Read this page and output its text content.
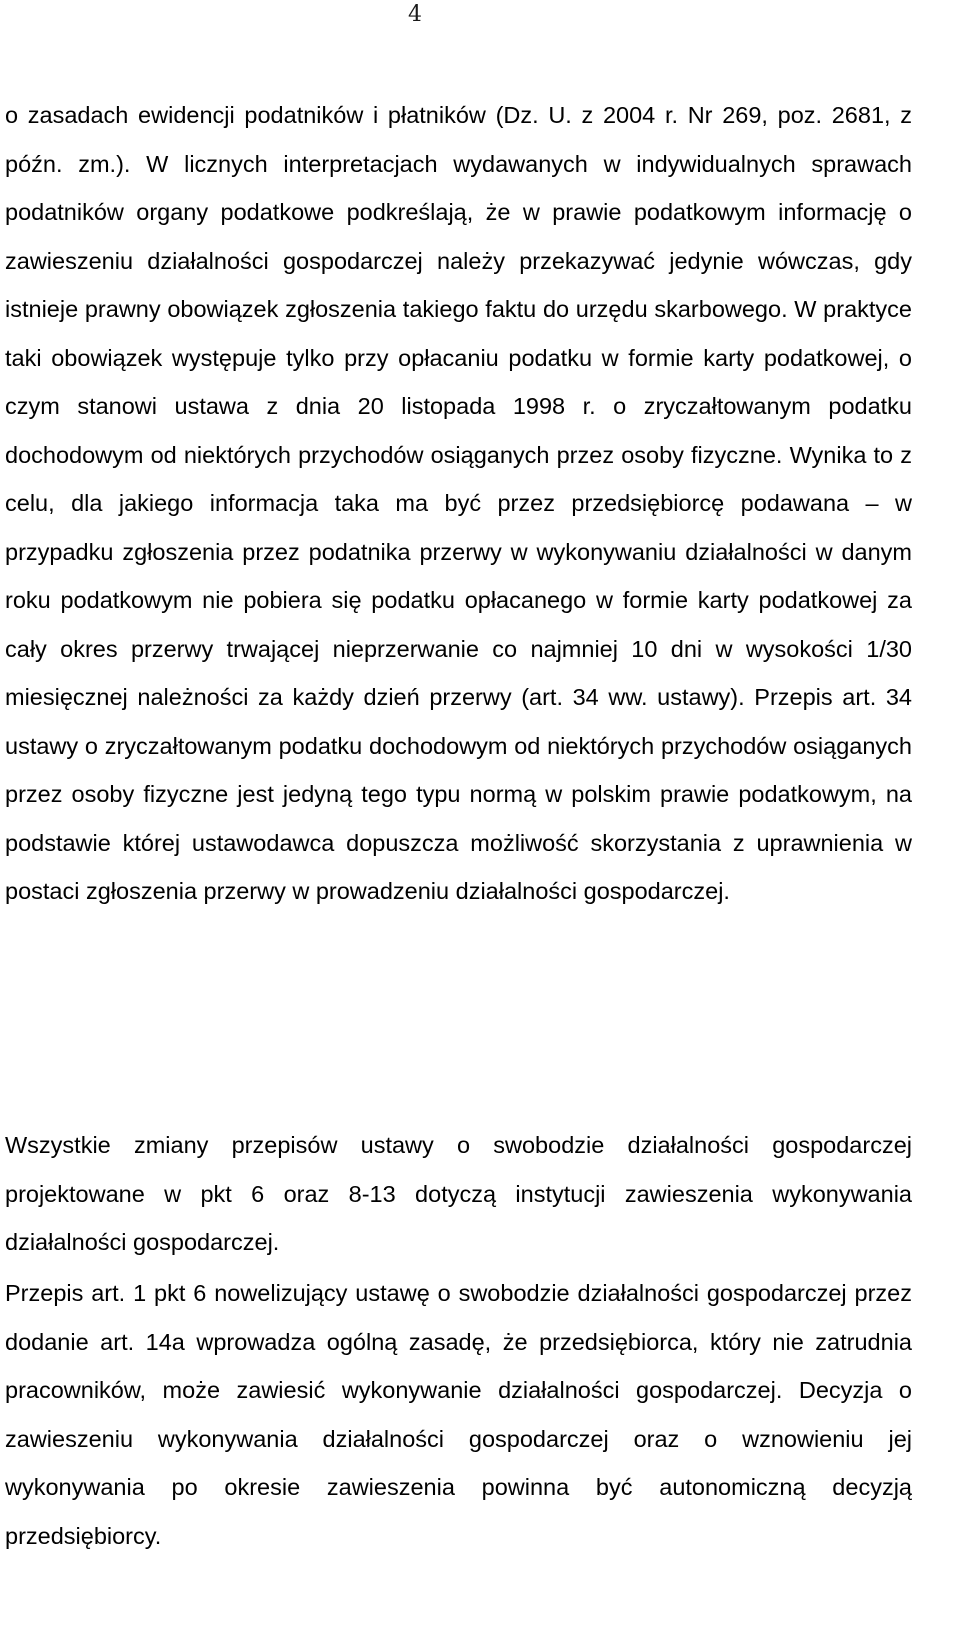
4

o zasadach ewidencji podatników i płatników (Dz. U. z 2004 r. Nr 269, poz. 2681, z późn. zm.). W licznych interpretacjach wydawanych w indywidualnych sprawach podatników organy podatkowe podkreślają, że w prawie podatkowym informację o zawieszeniu działalności gospodarczej należy przekazywać jedynie wówczas, gdy istnieje prawny obowiązek zgłoszenia takiego faktu do urzędu skarbowego. W praktyce taki obowiązek występuje tylko przy opłacaniu podatku w formie karty podatkowej, o czym stanowi ustawa z dnia 20 listopada 1998 r. o zryczałtowanym podatku dochodowym od niektórych przychodów osiąganych przez osoby fizyczne. Wynika to z celu, dla jakiego informacja taka ma być przez przedsiębiorcę podawana – w przypadku zgłoszenia przez podatnika przerwy w wykonywaniu działalności w danym roku podatkowym nie pobiera się podatku opłacanego w formie karty podatkowej za cały okres przerwy trwającej nieprzerwanie co najmniej 10 dni w wysokości 1/30 miesięcznej należności za każdy dzień przerwy (art. 34 ww. ustawy). Przepis art. 34 ustawy o zryczałtowanym podatku dochodowym od niektórych przychodów osiąganych przez osoby fizyczne jest jedyną tego typu normą w polskim prawie podatkowym, na podstawie której ustawodawca dopuszcza możliwość skorzystania z uprawnienia w postaci zgłoszenia przerwy w prowadzeniu działalności gospodarczej.

Wszystkie zmiany przepisów ustawy o swobodzie działalności gospodarczej projektowane w pkt 6 oraz 8-13 dotyczą instytucji zawieszenia wykonywania działalności gospodarczej.

Przepis art. 1 pkt 6 nowelizujący ustawę o swobodzie działalności gospodarczej przez dodanie art. 14a wprowadza ogólną zasadę, że przedsiębiorca, który nie zatrudnia pracowników, może zawiesić wykonywanie działalności gospodarczej. Decyzja o zawieszeniu wykonywania działalności gospodarczej oraz o wznowieniu jej wykonywania po okresie zawieszenia powinna być autonomiczną decyzją przedsiębiorcy.
